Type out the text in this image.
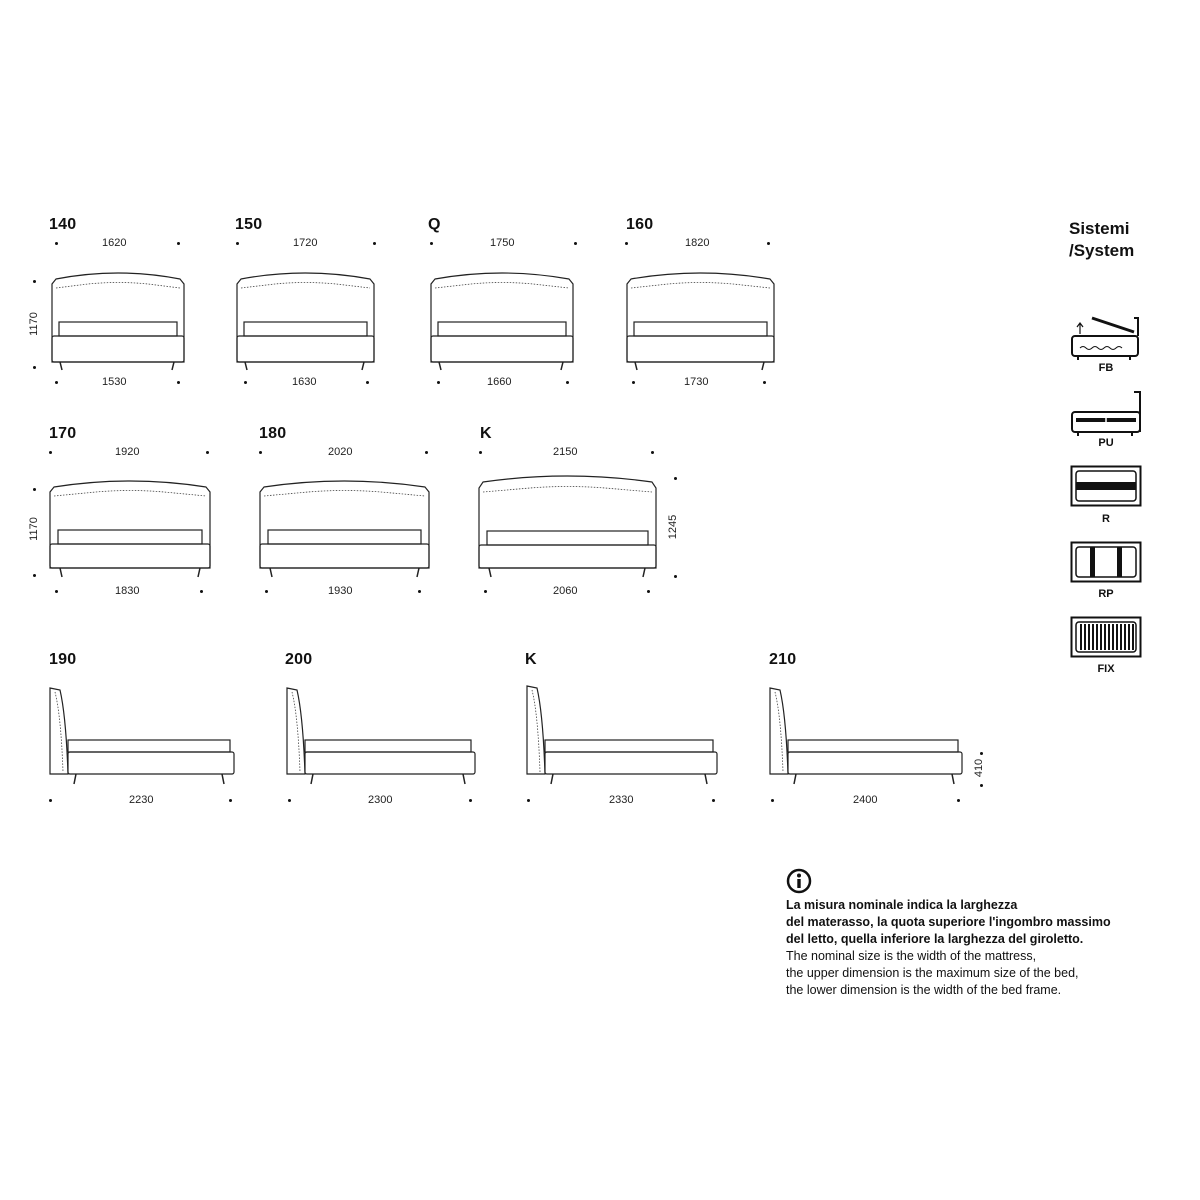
140
1620
1170
1530
150
1720
1630
Q
1750
1660
160
1820
1730
170
1920
1170
1830
180
2020
1930
K
2150
1245
2060
190
2230
200
2300
K
2330
210
2400
410
Sistemi
/System
FB
PU
R
RP
FIX
La misura nominale indica la larghezza
del materasso, la quota superiore l'ingombro massimo
del letto, quella inferiore la larghezza del giroletto.
The nominal size is the width of the mattress,
the upper dimension is the maximum size of the bed,
the lower dimension is the width of the bed frame.
